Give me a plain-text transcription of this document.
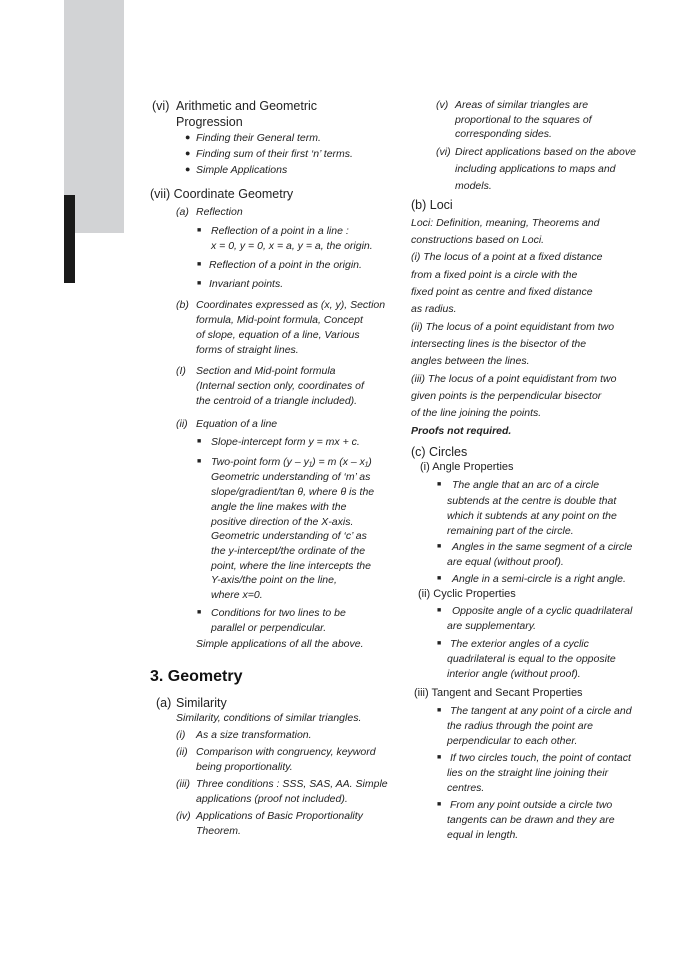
(vi) Arithmetic and Geometric
Progression
● Finding their General term.
● Finding sum of their first ‘n’ terms.
● Simple Applications
(vii) Coordinate Geometry
(a) Reflection
■ Reflection of a point in a line :
x = 0, y = 0, x = a, y = a, the origin.
■ Reflection of a point in the origin.
■ Invariant points.
(b) Coordinates expressed as (x, y), Section
formula, Mid-point formula, Concept
of slope, equation of a line, Various
forms of straight lines.
(I) Section and Mid-point formula
(Internal section only, coordinates of
the centroid of a triangle included).
(ii) Equation of a line
■ Slope-intercept form y = mx + c.
■ Two-point form (y – y₁) = m (x – x₁)
Geometric understanding of ‘m’ as
slope/gradient/tan θ, where θ is the
angle the line makes with the
positive direction of the X-axis.
Geometric understanding of ‘c’ as
the y-intercept/the ordinate of the
point, where the line intercepts the
Y-axis/the point on the line,
where x=0.
■ Conditions for two lines to be
parallel or perpendicular.
Simple applications of all the above.
3. Geometry
(a) Similarity
Similarity, conditions of similar triangles.
(i) As a size transformation.
(ii) Comparison with congruency, keyword
being proportionality.
(iii) Three conditions : SSS, SAS, AA. Simple
applications (proof not included).
(iv) Applications of Basic Proportionality
Theorem.
(v) Areas of similar triangles are
proportional to the squares of
corresponding sides.
(vi) Direct applications based on the above
including applications to maps and
models.
(b) Loci
Loci: Definition, meaning, Theorems and
constructions based on Loci.
(i) The locus of a point at a fixed distance
from a fixed point is a circle with the
fixed point as centre and fixed distance
as radius.
(ii) The locus of a point equidistant from two
intersecting lines is the bisector of the
angles between the lines.
(iii) The locus of a point equidistant from two
given points is the perpendicular bisector
of the line joining the points.
Proofs not required.
(c) Circles
(i) Angle Properties
■ The angle that an arc of a circle
subtends at the centre is double that
which it subtends at any point on the
remaining part of the circle.
■ Angles in the same segment of a circle
are equal (without proof).
■ Angle in a semi-circle is a right angle.
(ii) Cyclic Properties
■ Opposite angle of a cyclic quadrilateral
are supplementary.
■ The exterior angles of a cyclic
quadrilateral is equal to the opposite
interior angle (without proof).
(iii) Tangent and Secant Properties
■ The tangent at any point of a circle and
the radius through the point are
perpendicular to each other.
■ If two circles touch, the point of contact
lies on the straight line joining their
centres.
■ From any point outside a circle two
tangents can be drawn and they are
equal in length.
